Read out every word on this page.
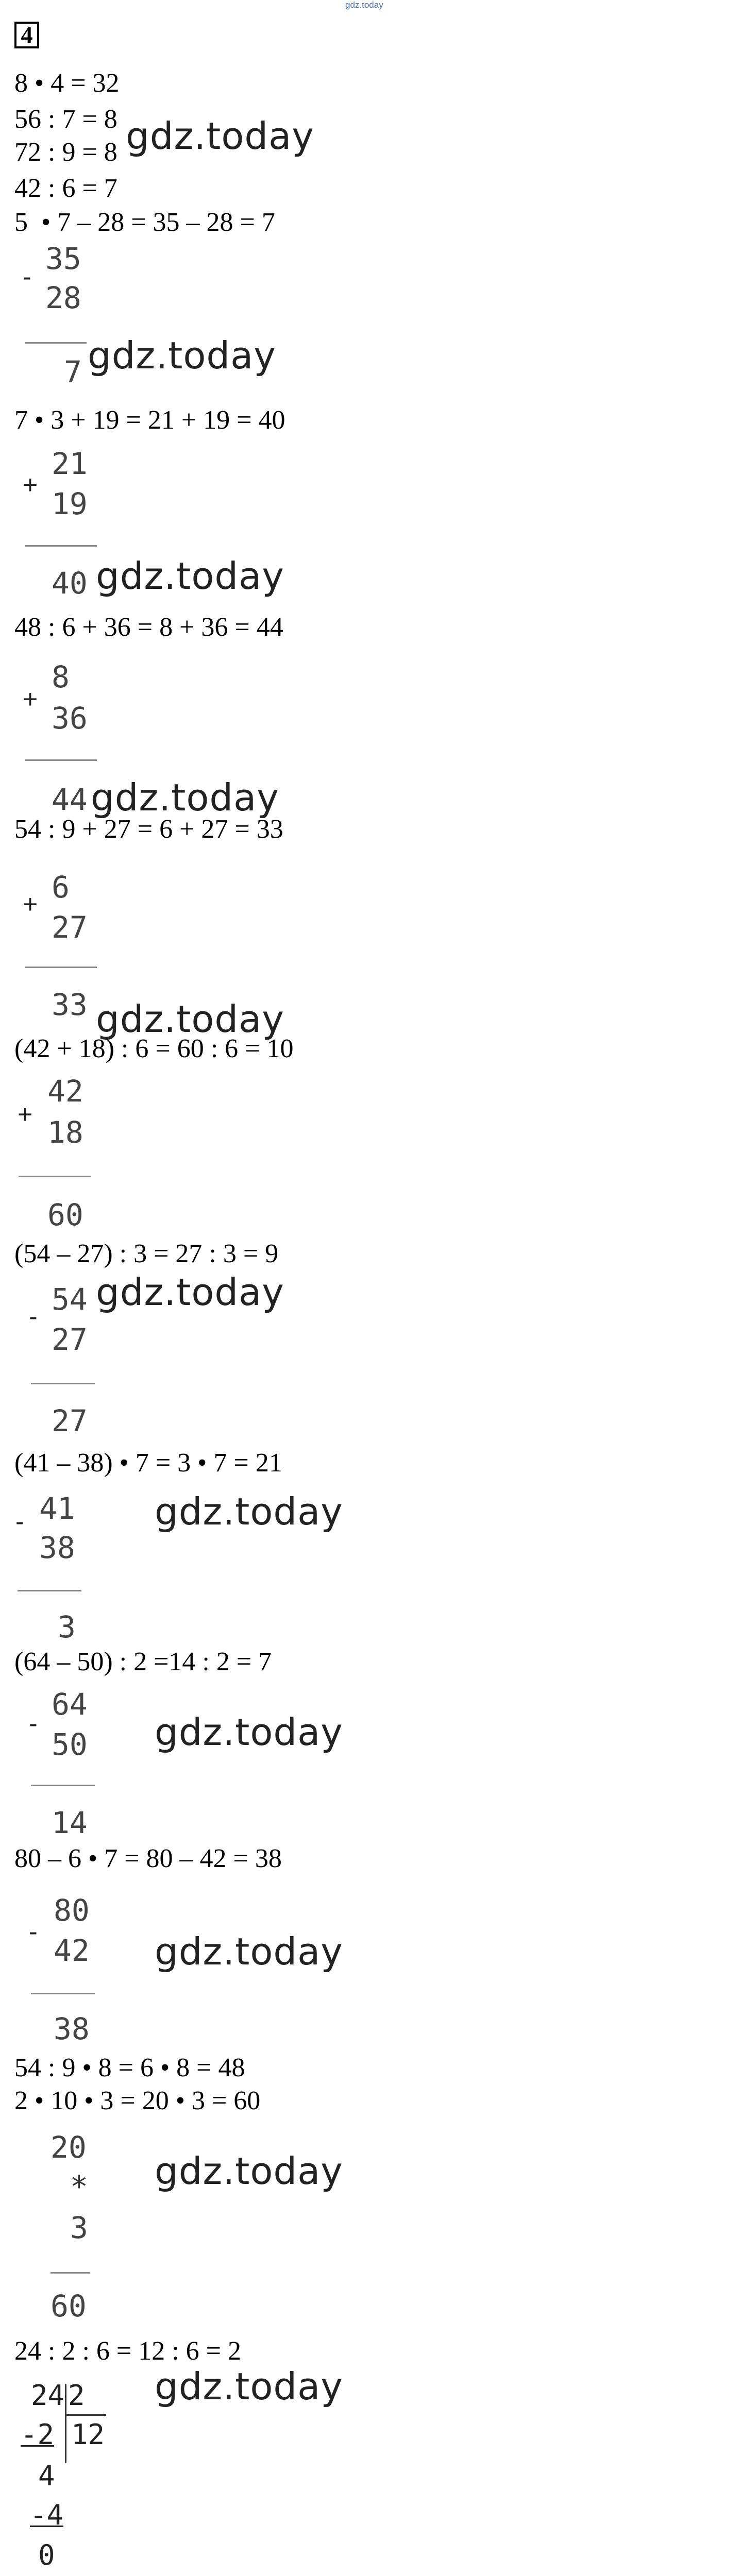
gdz.today
4
8 • 4 = 32
56 : 7 = 8
72 : 9 = 8
42 : 6 = 7
5  • 7 – 28 = 35 – 28 = 7
gdz.today
-
35
28
7 gdz.today
7 • 3 + 19 = 21 + 19 = 40
+
21
19
40 gdz.today
48 : 6 + 36 = 8 + 36 = 44
+
8
36
44 gdz.today
54 : 9 + 27 = 6 + 27 = 33
+ 6
27
33 gdz.today
(42 + 18) : 6 = 60 : 6 = 10
+
42
18
60
(54 – 27) : 3 = 27 : 3 = 9
- 54
27
27
gdz.today
(41 – 38) • 7 = 3 • 7 = 21
- 41
38
3
gdz.today
(64 – 50) : 2 =14 : 2 = 7
-
64
50
14
gdz.today
80 – 6 • 7 = 80 – 42 = 38
-
80
42
38
gdz.today
54 : 9 • 8 = 6 • 8 = 48
2 • 10 • 3 = 20 • 3 = 60
20
*
3
60
gdz.today
24 : 2 : 6 = 12 : 6 = 2
gdz.today
24 2
12
-2
4
-4
0
